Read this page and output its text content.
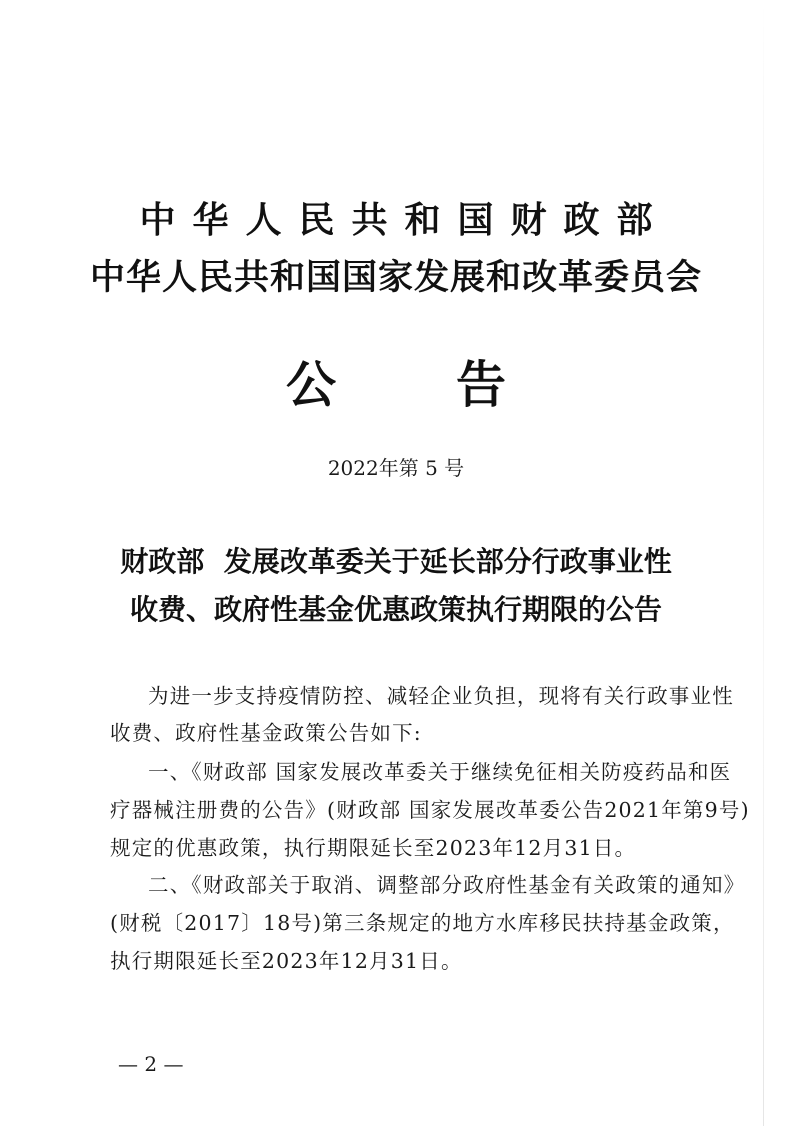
中华人民共和国财政部
中华人民共和国国家发展和改革委员会
公告
2022年第 5 号
财政部  发展改革委关于延长部分行政事业性
收费、政府性基金优惠政策执行期限的公告
为进一步支持疫情防控、减轻企业负担，现将有关行政事业性
收费、政府性基金政策公告如下:
一、《财政部 国家发展改革委关于继续免征相关防疫药品和医
疗器械注册费的公告》(财政部 国家发展改革委公告2021年第9号)
规定的优惠政策，执行期限延长至2023年12月31日。
二、《财政部关于取消、调整部分政府性基金有关政策的通知》
(财税〔2017〕18号)第三条规定的地方水库移民扶持基金政策，
执行期限延长至2023年12月31日。
— 2 —
